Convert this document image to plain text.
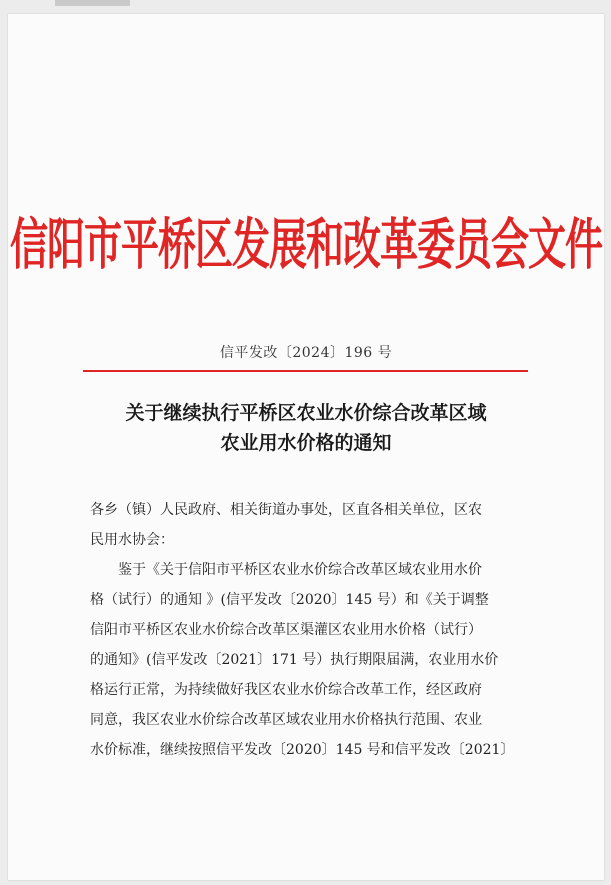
信阳市平桥区发展和改革委员会文件
信平发改〔2024〕196 号
关于继续执行平桥区农业水价综合改革区域
农业用水价格的通知

各乡（镇）人民政府、相关街道办事处，区直各相关单位，区农
民用水协会：

鉴于《关于信阳市平桥区农业水价综合改革区域农业用水价
格（试行）的通知 》(信平发改〔2020〕145 号）和《关于调整
信阳市平桥区农业水价综合改革区渠灌区农业用水价格（试行）
的通知》(信平发改〔2021〕171 号）执行期限届满，农业用水价
格运行正常，为持续做好我区农业水价综合改革工作，经区政府
同意，我区农业水价综合改革区域农业用水价格执行范围、农业
水价标准，继续按照信平发改〔2020〕145 号和信平发改〔2021〕
